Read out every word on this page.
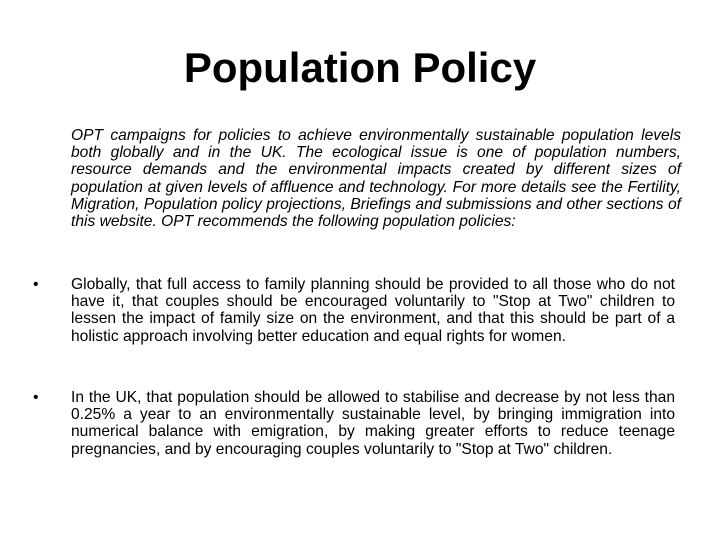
Population Policy
OPT campaigns for policies to achieve environmentally sustainable population levels both globally and in the UK. The ecological issue is one of population numbers, resource demands and the environmental impacts created by different sizes of population at given levels of affluence and technology. For more details see the Fertility, Migration, Population policy projections, Briefings and submissions and other sections of this website. OPT recommends the following population policies:
• Globally, that full access to family planning should be provided to all those who do not have it, that couples should be encouraged voluntarily to "Stop at Two" children to lessen the impact of family size on the environment, and that this should be part of a holistic approach involving better education and equal rights for women.
• In the UK, that population should be allowed to stabilise and decrease by not less than 0.25% a year to an environmentally sustainable level, by bringing immigration into numerical balance with emigration, by making greater efforts to reduce teenage pregnancies, and by encouraging couples voluntarily to "Stop at Two" children.
